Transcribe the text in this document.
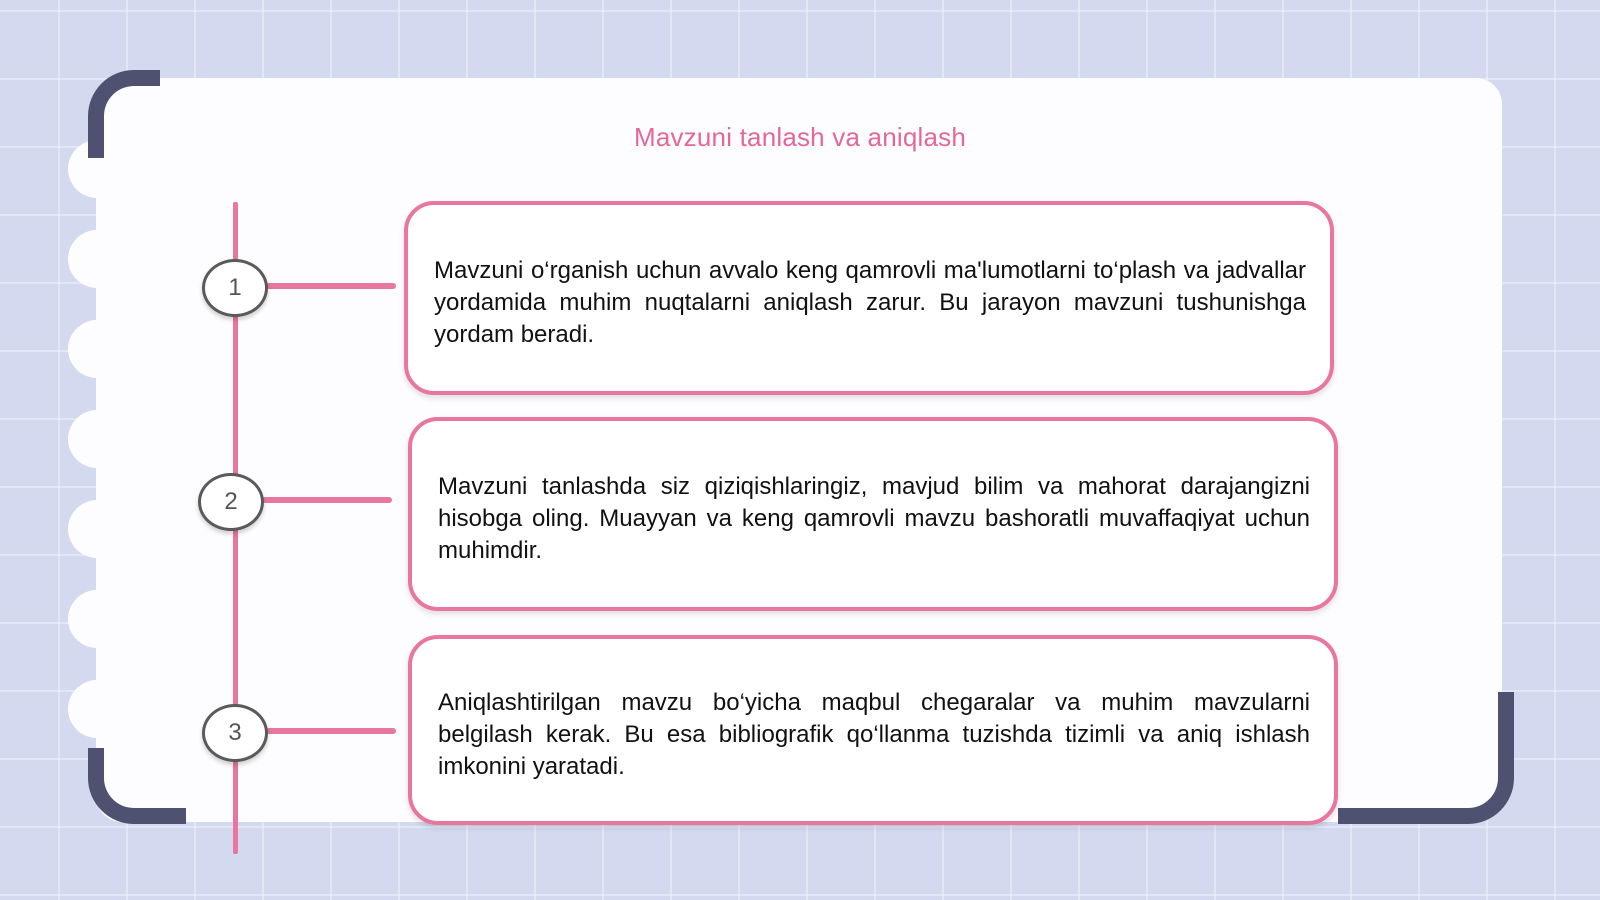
Mavzuni tanlash va aniqlash
1

Mavzuni o‘rganish uchun avvalo keng qamrovli ma'lumotlarni to‘plash va jadvallar yordamida muhim nuqtalarni aniqlash zarur. Bu jarayon mavzuni tushunishga yordam beradi.

2

Mavzuni tanlashda siz qiziqishlaringiz, mavjud bilim va mahorat darajangizni hisobga oling. Muayyan va keng qamrovli mavzu bashoratli muvaffaqiyat uchun muhimdir.

3

Aniqlashtirilgan mavzu bo‘yicha maqbul chegaralar va muhim mavzularni belgilash kerak. Bu esa bibliografik qo‘llanma tuzishda tizimli va aniq ishlash imkonini yaratadi.
